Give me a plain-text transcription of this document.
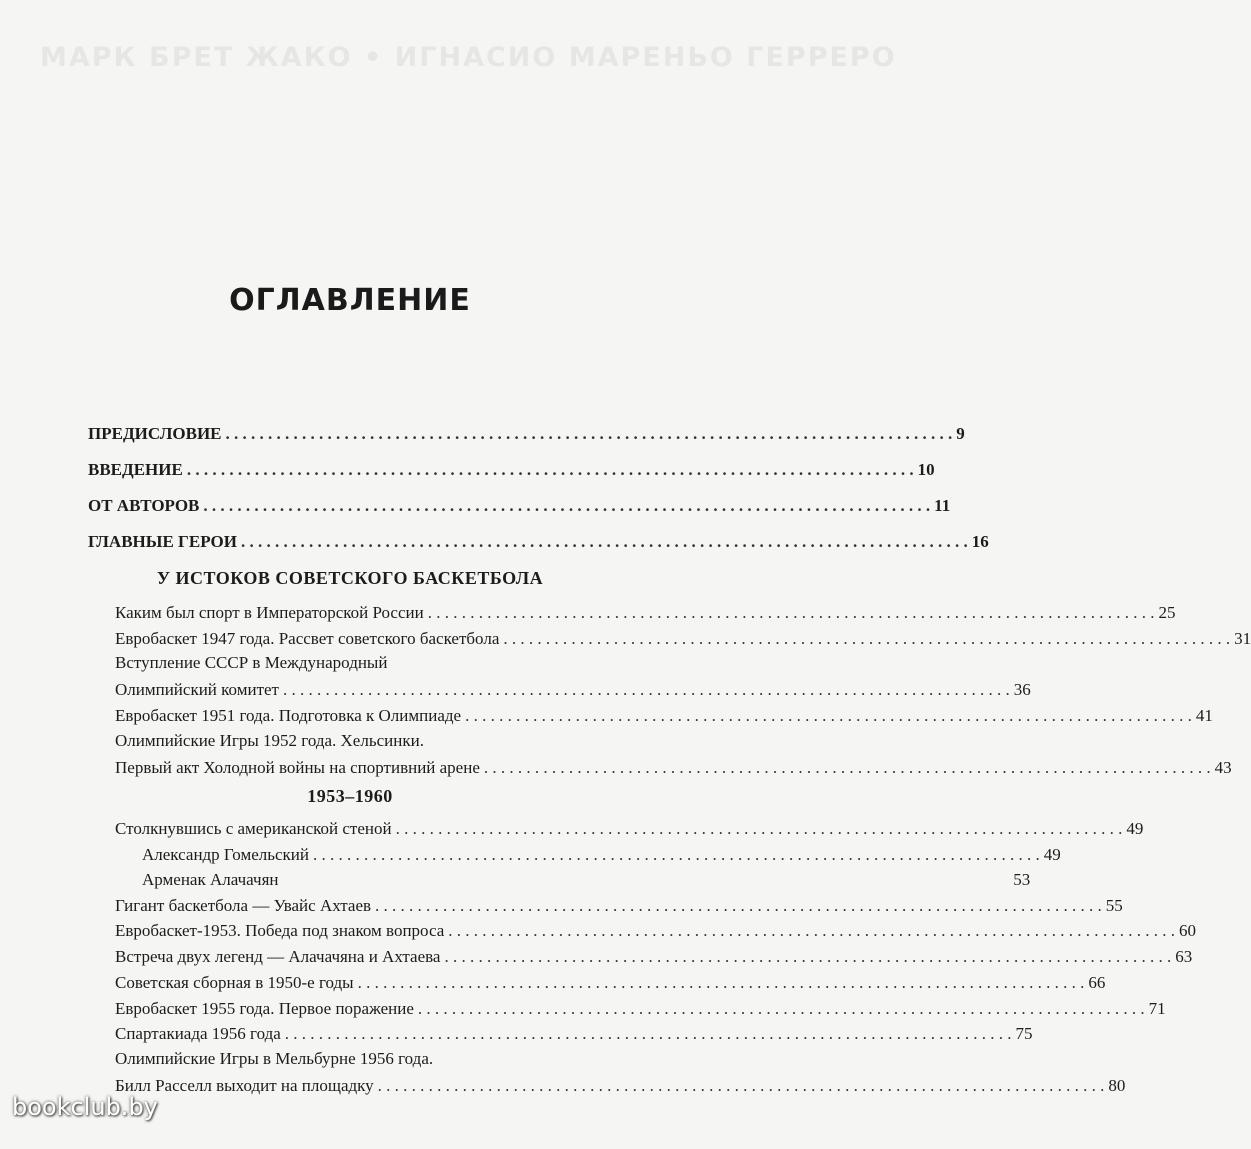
МАРК БРЕТ ЖАКО • ИГНАСИО МАРЕНЬО ГЕРРЕРО
ОГЛАВЛЕНИЕ
ПРЕДИСЛОВИЕ . . .	9
ВВЕДЕНИЕ . . .	10
ОТ АВТОРОВ . . .	11
ГЛАВНЫЕ ГЕРОИ . . .	16
У ИСТОКОВ СОВЕТСКОГО БАСКЕТБОЛА
Каким был спорт в Императорской России . . .	25
Евробаскет 1947 года. Рассвет советского баскетбола . . .	31
Вступление СССР в Международный
Олимпийский комитет . . .	36
Евробаскет 1951 года. Подготовка к Олимпиаде . . .	41
Олимпийские Игры 1952 года. Хельсинки.
Первый акт Холодной войны на спортивний арене . . .	43
1953–1960
Столкнувшись с американской стеной . . .	49
Александр Гомельский . . .	49
Арменак Алачачян	53
Гигант баскетбола — Увайс Ахтаев . . .	55
Евробаскет-1953. Победа под знаком вопроса . . .	60
Встреча двух легенд — Алачачяна и Ахтаева . . .	63
Советская сборная в 1950-е годы . . .	66
Евробаскет 1955 года. Первое поражение . . .	71
Спартакиада 1956 года . . .	75
Олимпийские Игры в Мельбурне 1956 года.
Билл Расселл выходит на площадку . . .	80
bookclub.by
